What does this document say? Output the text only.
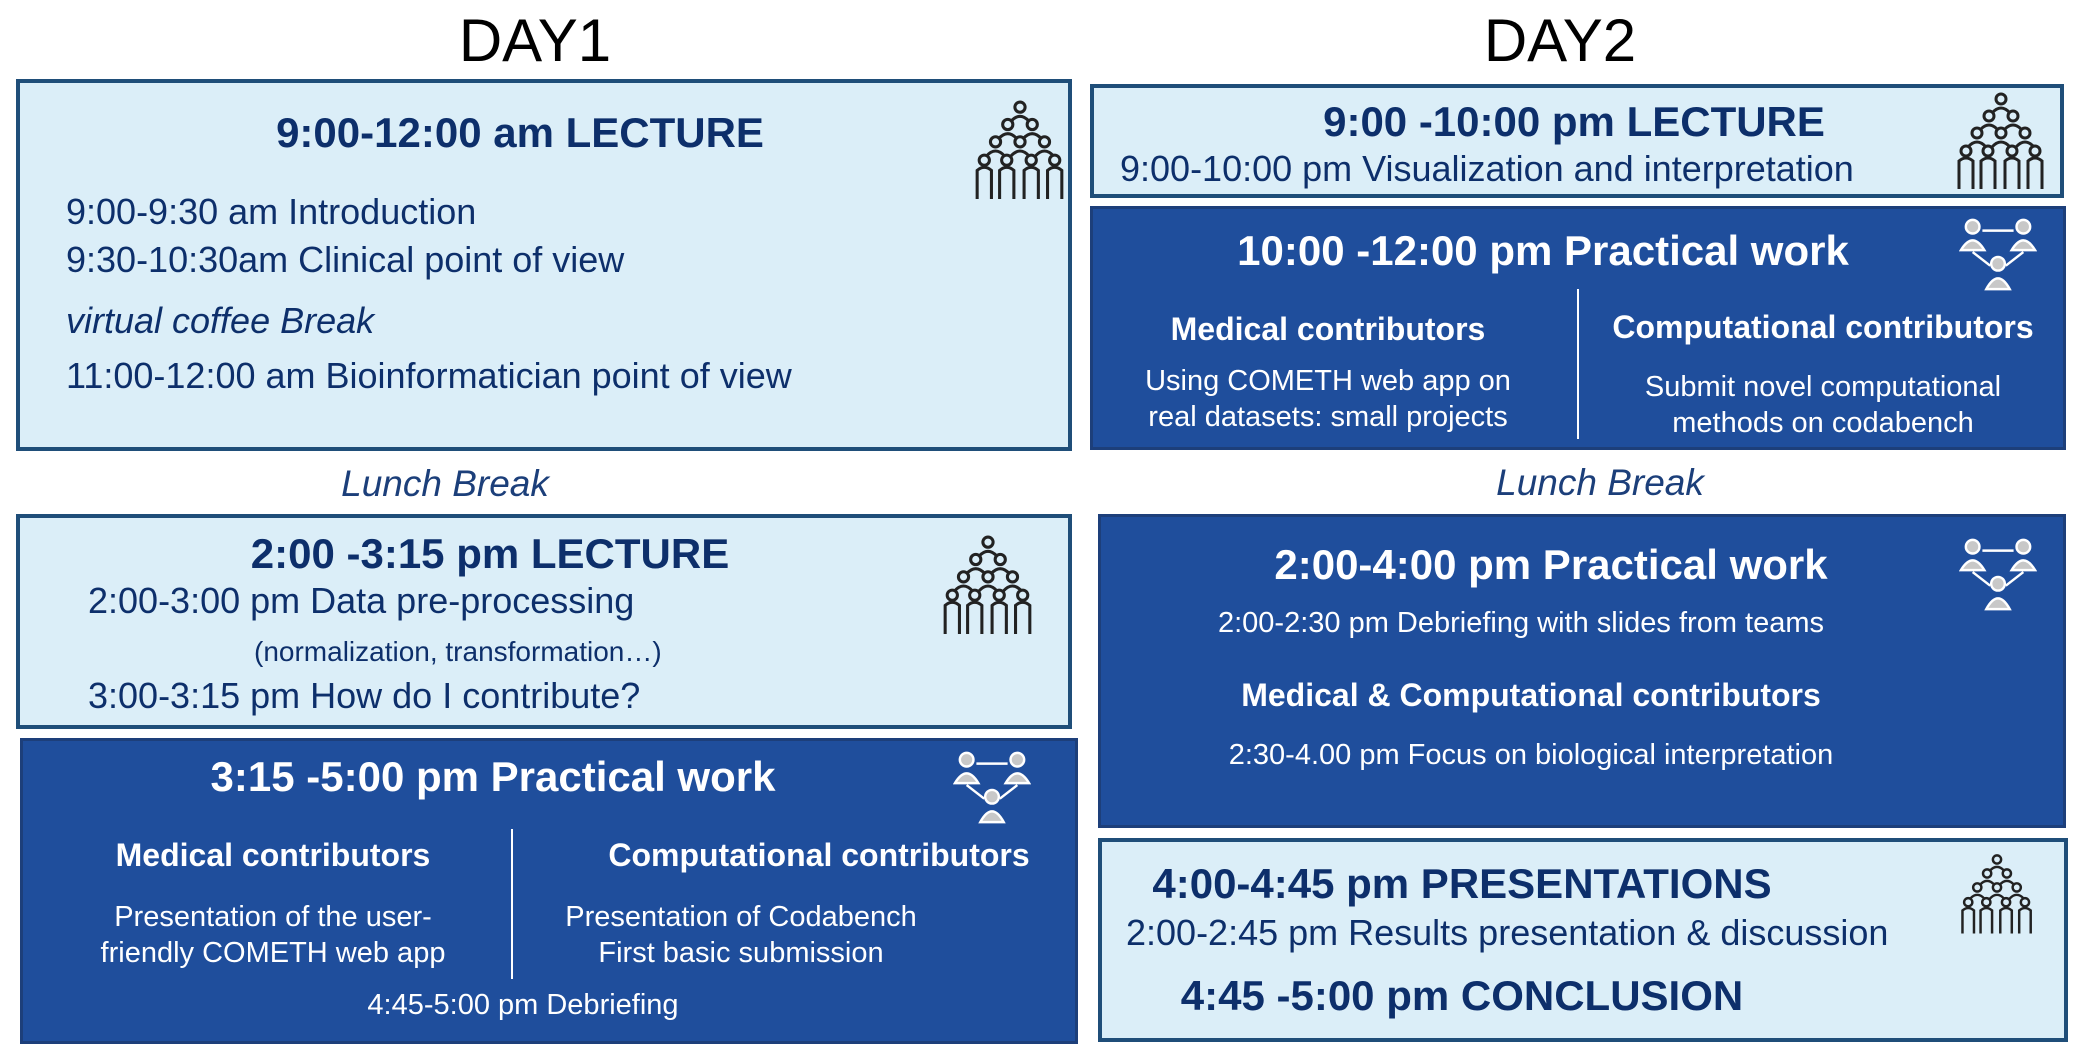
DAY1	DAY2
9:00-12:00 am LECTURE
9:00-9:30 am Introduction
9:30-10:30am Clinical point of view
virtual coffee Break
11:00-12:00 am Bioinformatician point of view
Lunch Break
2:00 -3:15 pm LECTURE
2:00-3:00 pm Data pre-processing
(normalization, transformation…)
3:00-3:15 pm How do I contribute?
3:15 -5:00 pm Practical work
Medical contributors
Presentation of the user-
friendly COMETH web app
Computational contributors
Presentation of Codabench
First basic submission
4:45-5:00 pm Debriefing
9:00 -10:00 pm LECTURE
9:00-10:00 pm Visualization and interpretation
10:00 -12:00 pm Practical work
Medical contributors
Using COMETH web app on
real datasets: small projects
Computational contributors
Submit novel computational
methods on codabench
Lunch Break
2:00-4:00 pm Practical work
2:00-2:30 pm Debriefing with slides from teams
Medical & Computational contributors
2:30-4.00 pm Focus on biological interpretation
4:00-4:45 pm PRESENTATIONS
2:00-2:45 pm Results presentation & discussion
4:45 -5:00 pm CONCLUSION
